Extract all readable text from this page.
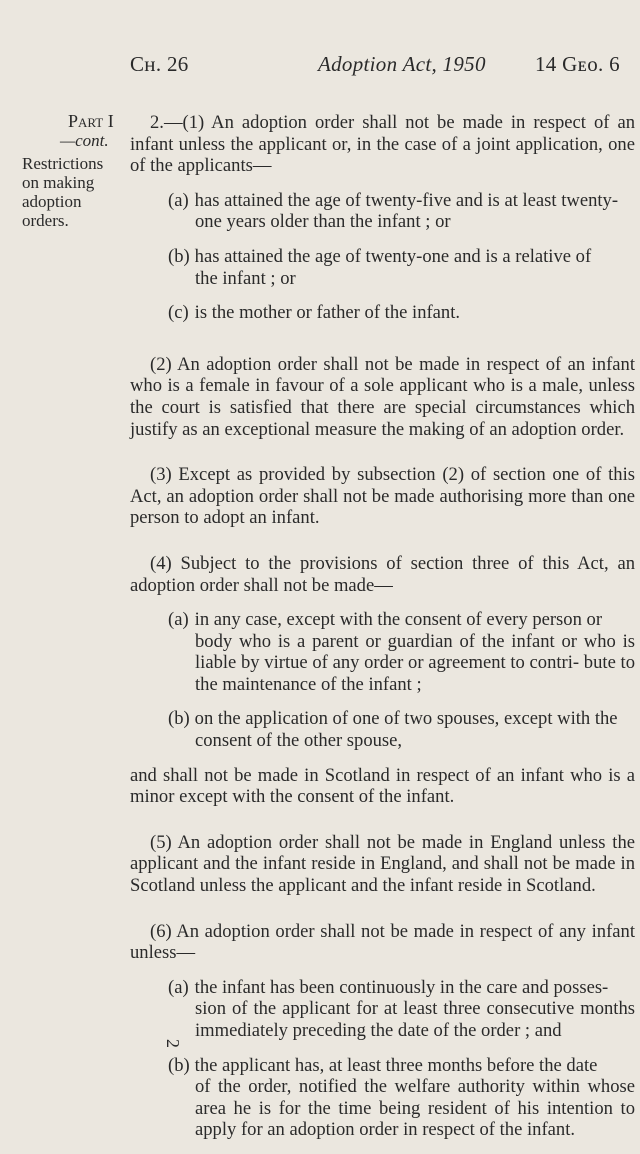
Cʜ. 26	Adoption Act, 1950 14 Gᴇᴏ. 6
Part I
—cont.
Restrictions on making adoption orders.

2.—(1) An adoption order shall not be made in respect of an infant unless the applicant or, in the case of a joint application, one of the applicants—

(a) has attained the age of twenty-five and is at least twenty-
one years older than the infant ; or
(b) has attained the age of twenty-one and is a relative of
the infant ; or
(c) is the mother or father of the infant.

(2) An adoption order shall not be made in respect of an infant who is a female in favour of a sole applicant who is a male, unless the court is satisfied that there are special circumstances which justify as an exceptional measure the making of an adoption order.

(3) Except as provided by subsection (2) of section one of this Act, an adoption order shall not be made authorising more than one person to adopt an infant.

(4) Subject to the provisions of section three of this Act, an adoption order shall not be made—

(a) in any case, except with the consent of every person or
body who is a parent or guardian of the infant or who is liable by virtue of any order or agreement to contri- bute to the maintenance of the infant ;
(b) on the application of one of two spouses, except with the
consent of the other spouse,

and shall not be made in Scotland in respect of an infant who is a minor except with the consent of the infant.

(5) An adoption order shall not be made in England unless the applicant and the infant reside in England, and shall not be made in Scotland unless the applicant and the infant reside in Scotland.

(6) An adoption order shall not be made in respect of any infant unless—

(a) the infant has been continuously in the care and posses-
sion of the applicant for at least three consecutive months immediately preceding the date of the order ; and
(b) the applicant has, at least three months before the date
of the order, notified the welfare authority within whose area he is for the time being resident of his intention to apply for an adoption order in respect of the infant.
2
